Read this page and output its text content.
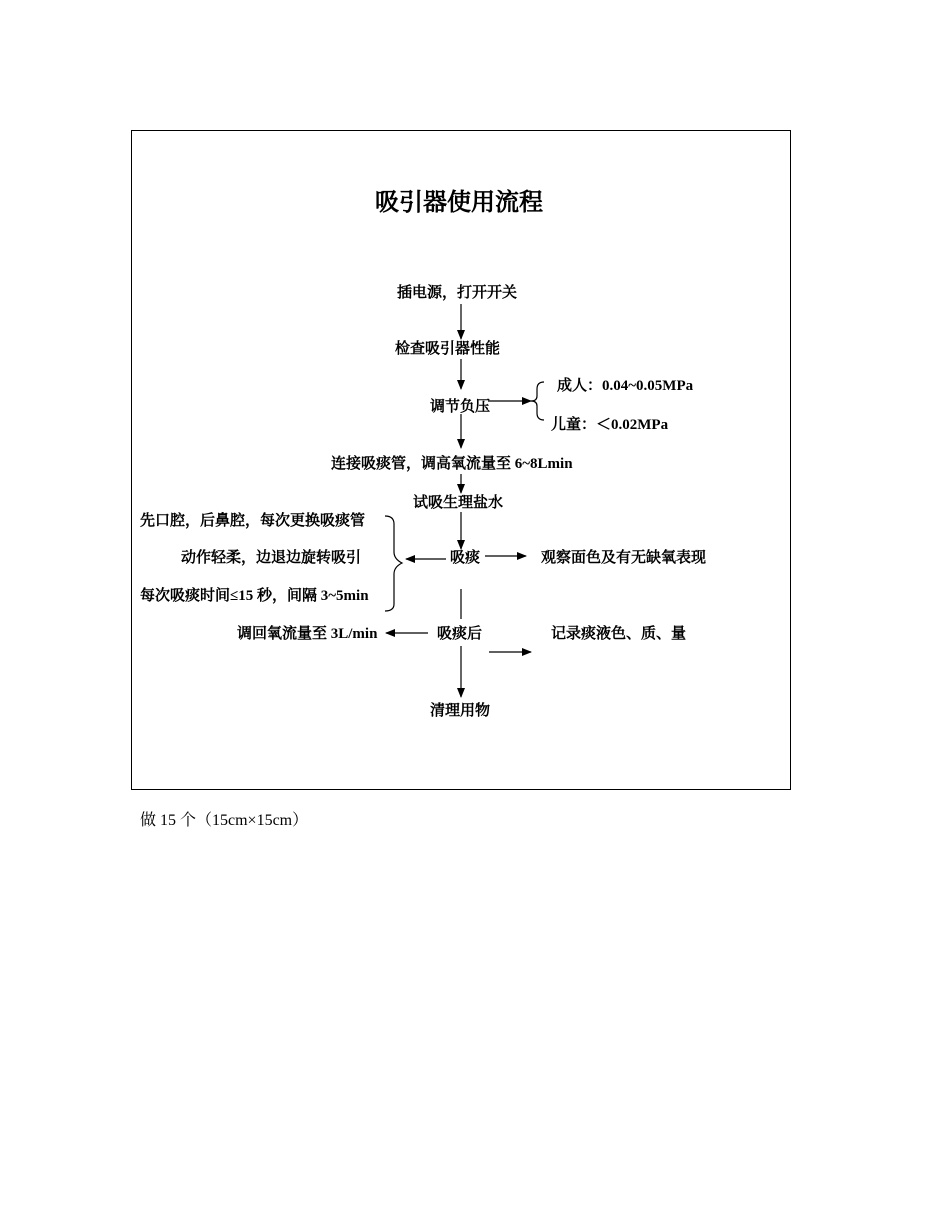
吸引器使用流程
插电源，打开开关
检查吸引器性能
调节负压
成人：0.04~0.05MPa
儿童：＜0.02MPa
连接吸痰管，调高氧流量至 6~8Lmin
试吸生理盐水
先口腔，后鼻腔，每次更换吸痰管
动作轻柔，边退边旋转吸引
每次吸痰时间≤15 秒，间隔 3~5min
吸痰	观察面色及有无缺氧表现
调回氧流量至 3L/min	吸痰后	记录痰液色、质、量
清理用物
做 15 个（15cm×15cm）
